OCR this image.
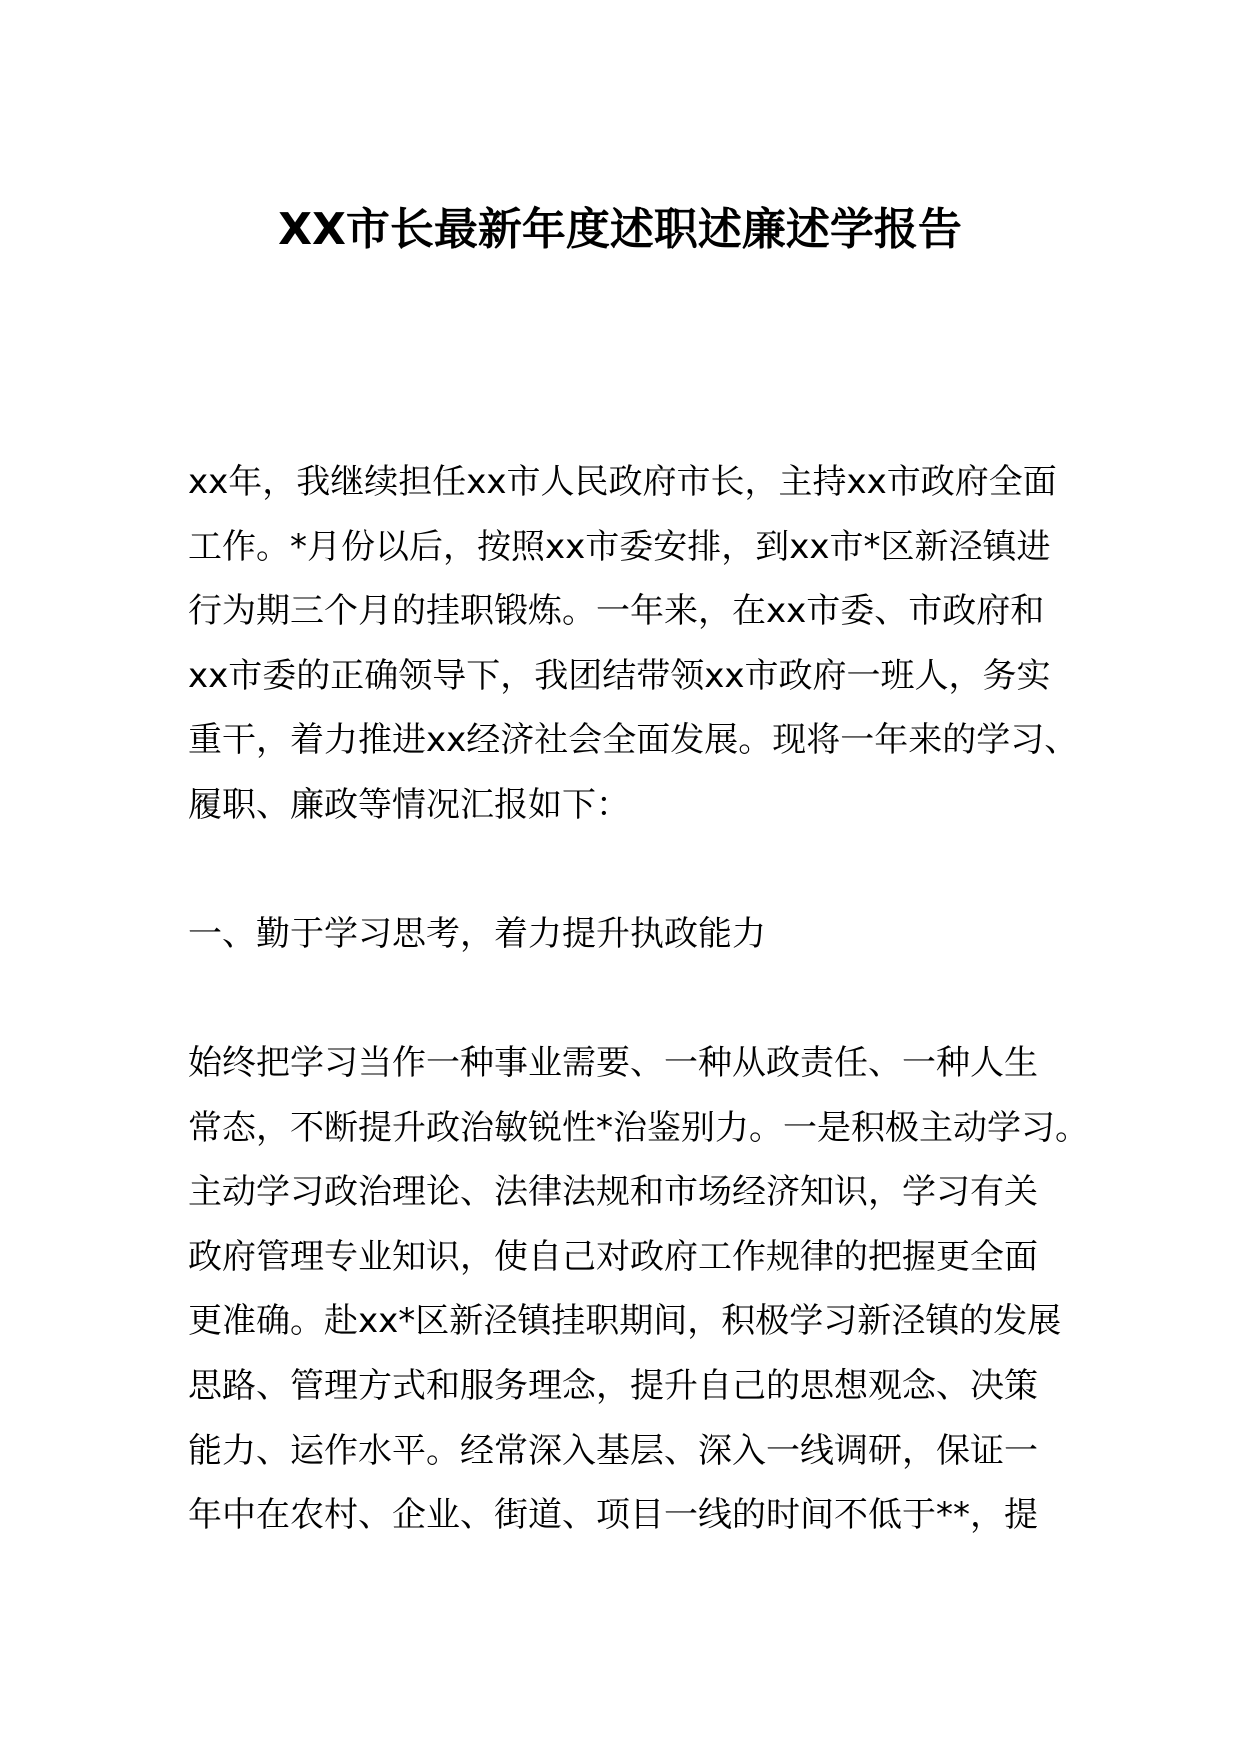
XX市长最新年度述职述廉述学报告
xx年，我继续担任xx市人民政府市长，主持xx市政府全面
工作。*月份以后，按照xx市委安排，到xx市*区新泾镇进
行为期三个月的挂职锻炼。一年来，在xx市委、市政府和
xx市委的正确领导下，我团结带领xx市政府一班人，务实
重干，着力推进xx经济社会全面发展。现将一年来的学习、
履职、廉政等情况汇报如下：
一、勤于学习思考，着力提升执政能力
始终把学习当作一种事业需要、一种从政责任、一种人生
常态，不断提升政治敏锐性*治鉴别力。一是积极主动学习。
主动学习政治理论、法律法规和市场经济知识，学习有关
政府管理专业知识，使自己对政府工作规律的把握更全面
更准确。赴xx*区新泾镇挂职期间，积极学习新泾镇的发展
思路、管理方式和服务理念，提升自己的思想观念、决策
能力、运作水平。经常深入基层、深入一线调研，保证一
年中在农村、企业、街道、项目一线的时间不低于**，提
